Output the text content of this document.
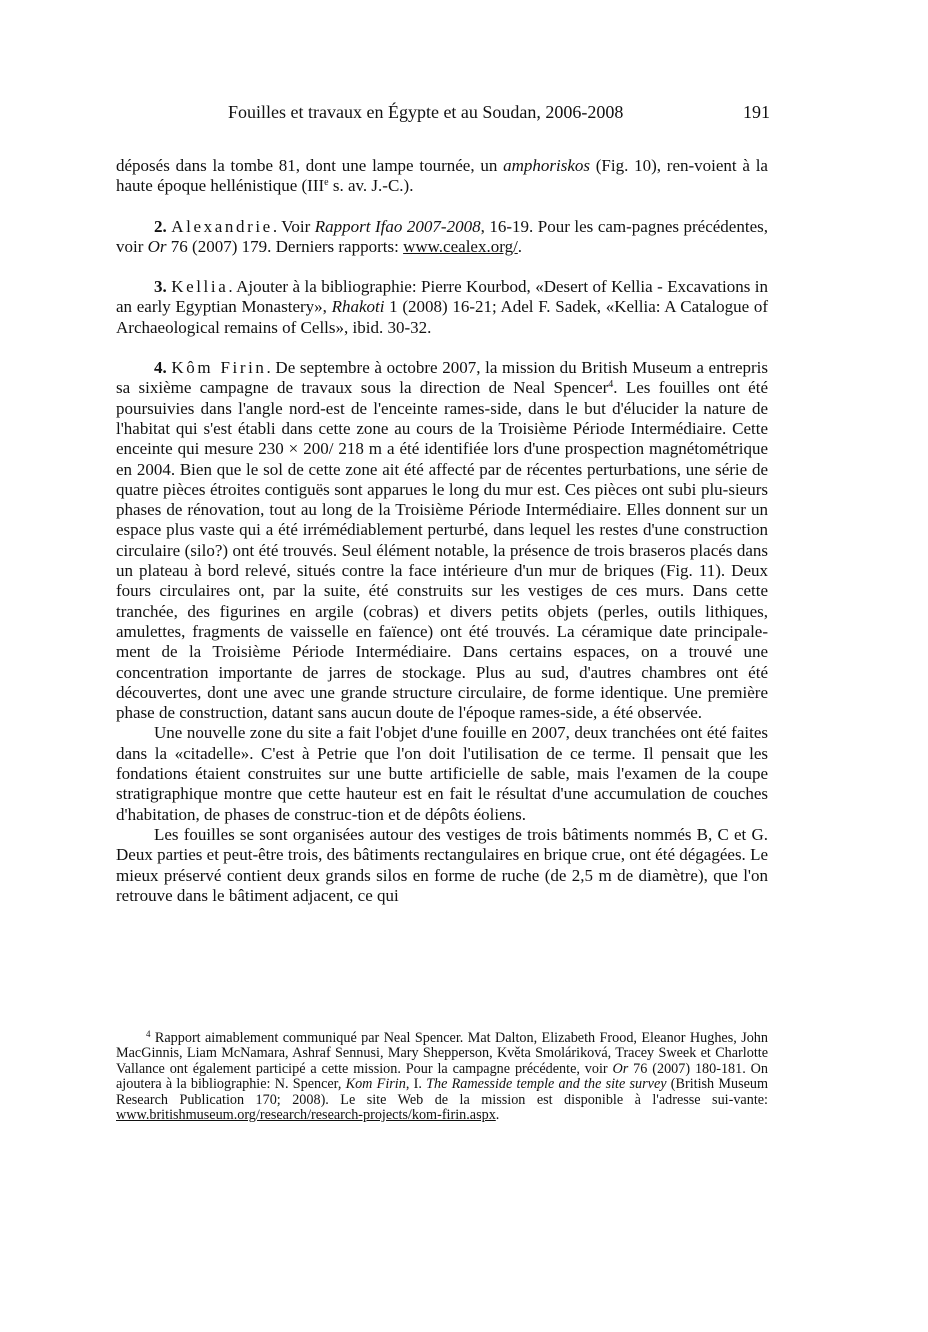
Fouilles et travaux en Égypte et au Soudan, 2006-2008	191

déposés dans la tombe 81, dont une lampe tournée, un amphoriskos (Fig. 10), ren-voient à la haute époque hellénistique (IIIe s. av. J.-C.).

2. Alexandrie. Voir Rapport Ifao 2007-2008, 16-19. Pour les cam-pagnes précédentes, voir Or 76 (2007) 179. Derniers rapports: www.cealex.org/.

3. Kellia. Ajouter à la bibliographie: Pierre Kourbod, «Desert of Kellia - Excavations in an early Egyptian Monastery», Rhakoti 1 (2008) 16-21; Adel F. Sadek, «Kellia: A Catalogue of Archaeological remains of Cells», ibid. 30-32.

4. Kôm Firin. De septembre à octobre 2007, la mission du British Museum a entrepris sa sixième campagne de travaux sous la direction de Neal Spencer$^4$. Les fouilles ont été poursuivies dans l'angle nord-est de l'enceinte rames-side, dans le but d'élucider la nature de l'habitat qui s'est établi dans cette zone au cours de la Troisième Période Intermédiaire. Cette enceinte qui mesure 230 × 200/ 218 m a été identifiée lors d'une prospection magnétométrique en 2004. Bien que le sol de cette zone ait été affecté par de récentes perturbations, une série de quatre pièces étroites contiguës sont apparues le long du mur est. Ces pièces ont subi plu-sieurs phases de rénovation, tout au long de la Troisième Période Intermédiaire. Elles donnent sur un espace plus vaste qui a été irrémédiablement perturbé, dans lequel les restes d'une construction circulaire (silo?) ont été trouvés. Seul élément notable, la présence de trois braseros placés dans un plateau à bord relevé, situés contre la face intérieure d'un mur de briques (Fig. 11). Deux fours circulaires ont, par la suite, été construits sur les vestiges de ces murs. Dans cette tranchée, des figurines en argile (cobras) et divers petits objets (perles, outils lithiques, amulettes, fragments de vaisselle en faïence) ont été trouvés. La céramique date principale-ment de la Troisième Période Intermédiaire. Dans certains espaces, on a trouvé une concentration importante de jarres de stockage. Plus au sud, d'autres chambres ont été découvertes, dont une avec une grande structure circulaire, de forme identique. Une première phase de construction, datant sans aucun doute de l'époque rames-side, a été observée.

Une nouvelle zone du site a fait l'objet d'une fouille en 2007, deux tranchées ont été faites dans la «citadelle». C'est à Petrie que l'on doit l'utilisation de ce terme. Il pensait que les fondations étaient construites sur une butte artificielle de sable, mais l'examen de la coupe stratigraphique montre que cette hauteur est en fait le résultat d'une accumulation de couches d'habitation, de phases de construc-tion et de dépôts éoliens.

Les fouilles se sont organisées autour des vestiges de trois bâtiments nommés B, C et G. Deux parties et peut-être trois, des bâtiments rectangulaires en brique crue, ont été dégagées. Le mieux préservé contient deux grands silos en forme de ruche (de 2,5 m de diamètre), que l'on retrouve dans le bâtiment adjacent, ce qui

$^4$ Rapport aimablement communiqué par Neal Spencer. Mat Dalton, Elizabeth Frood, Eleanor Hughes, John MacGinnis, Liam McNamara, Ashraf Sennusi, Mary Shepperson, Květa Smoláriková, Tracey Sweek et Charlotte Vallance ont également participé a cette mission. Pour la campagne précédente, voir Or 76 (2007) 180-181. On ajoutera à la bibliographie: N. Spencer, Kom Firin, I. The Ramesside temple and the site survey (British Museum Research Publication 170; 2008). Le site Web de la mission est disponible à l'adresse sui-vante: www.britishmuseum.org/research/research-projects/kom-firin.aspx.
